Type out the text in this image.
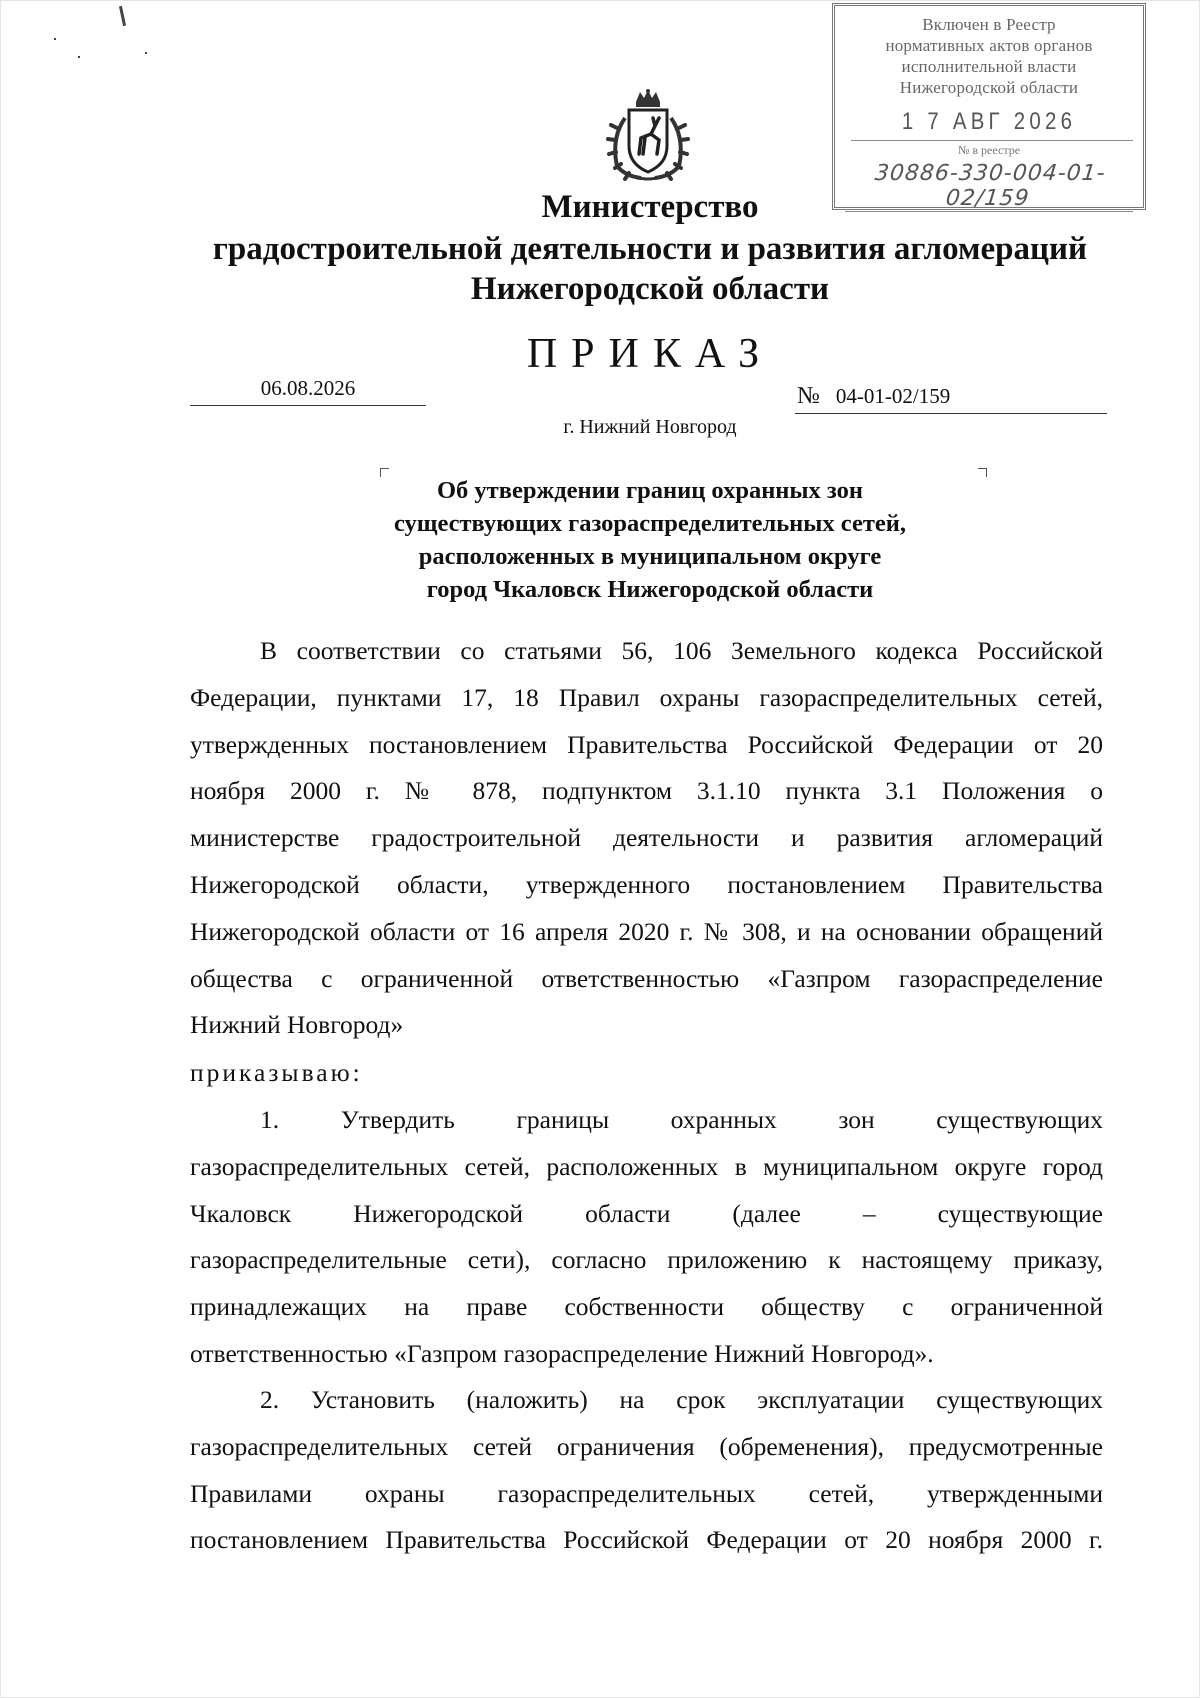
Включен в Реестр
нормативных актов органов
исполнительной власти
Нижегородской области
1 7 АВГ 2026
№ в реестре
30886-330-004-01-02/159
Министерство
градостроительной деятельности и развития агломераций
Нижегородской области
ПРИКАЗ
06.08.2026	№ 04-01-02/159
г. Нижний Новгород
Об утверждении границ охранных зон
существующих газораспределительных сетей,
расположенных в муниципальном округе
город Чкаловск Нижегородской области
В соответствии со статьями 56, 106 Земельного кодекса Российской
Федерации, пунктами 17, 18 Правил охраны газораспределительных сетей,
утвержденных постановлением Правительства Российской Федерации от 20
ноября 2000 г. № 878, подпунктом 3.1.10 пункта 3.1 Положения о
министерстве градостроительной деятельности и развития агломераций
Нижегородской области, утвержденного постановлением Правительства
Нижегородской области от 16 апреля 2020 г. № 308, и на основании обращений
общества с ограниченной ответственностью «Газпром газораспределение
Нижний Новгород»
приказываю:
1. Утвердить границы охранных зон существующих
газораспределительных сетей, расположенных в муниципальном округе город
Чкаловск Нижегородской области (далее – существующие
газораспределительные сети), согласно приложению к настоящему приказу,
принадлежащих на праве собственности обществу с ограниченной
ответственностью «Газпром газораспределение Нижний Новгород».
2. Установить (наложить) на срок эксплуатации существующих
газораспределительных сетей ограничения (обременения), предусмотренные
Правилами охраны газораспределительных сетей, утвержденными
постановлением Правительства Российской Федерации от 20 ноября 2000 г.
